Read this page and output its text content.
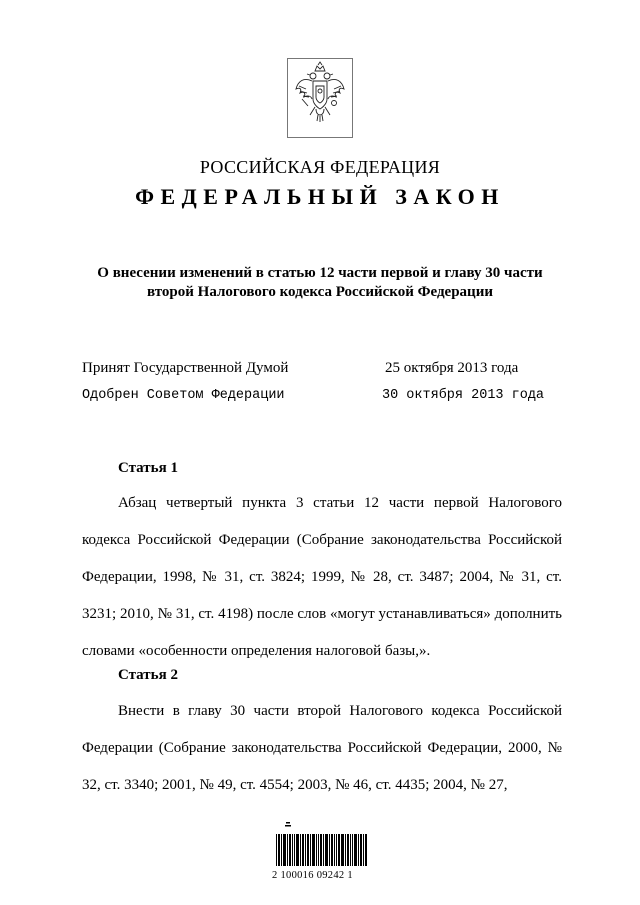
РОССИЙСКАЯ ФЕДЕРАЦИЯ
ФЕДЕРАЛЬНЫЙ ЗАКОН
О внесении изменений в статью 12 части первой и главу 30 части
второй Налогового кодекса Российской Федерации
Принят Государственной Думой	25 октября 2013 года
Одобрен Советом Федерации	30 октября 2013 года
Статья 1
Абзац четвертый пункта 3 статьи 12 части первой Налогового кодекса Российской Федерации (Собрание законодательства Российской Федерации, 1998, № 31, ст. 3824; 1999, № 28, ст. 3487; 2004, № 31, ст. 3231; 2010, № 31, ст. 4198) после слов «могут устанавливаться» дополнить словами «особенности определения налоговой базы,».
Статья 2
Внести в главу 30 части второй Налогового кодекса Российской Федерации (Собрание законодательства Российской Федерации, 2000, № 32, ст. 3340; 2001, № 49, ст. 4554; 2003, № 46, ст. 4435; 2004, № 27,
2 100016 09242 1
